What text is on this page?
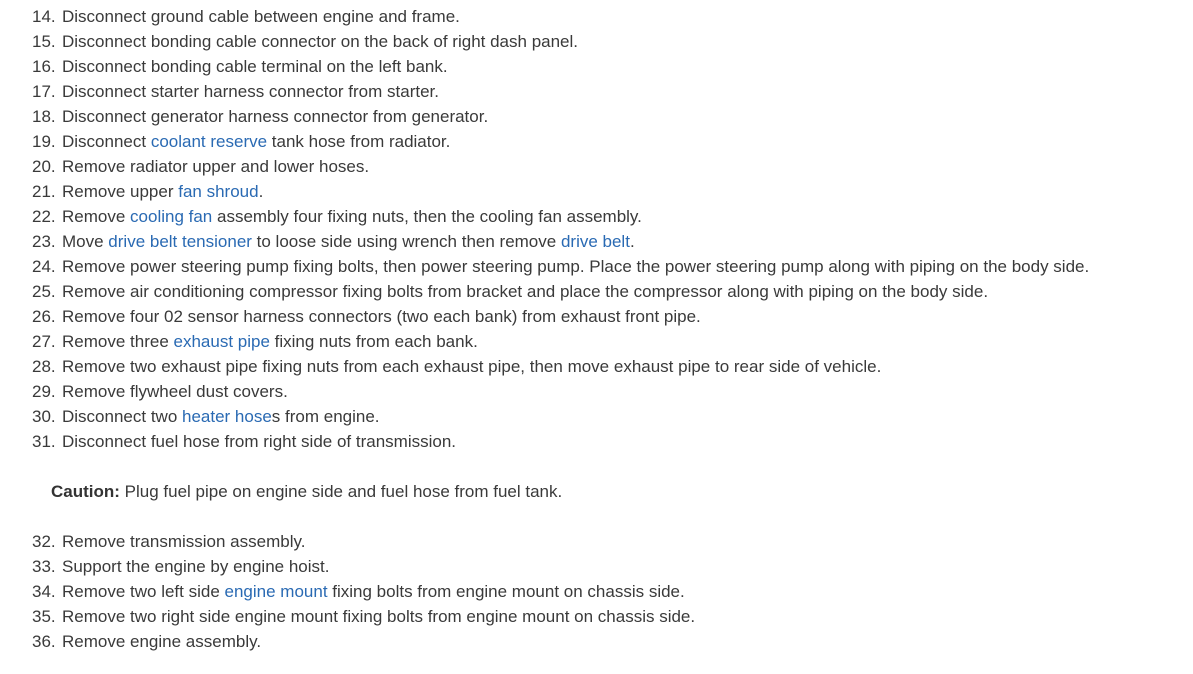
14. Disconnect ground cable between engine and frame.
15. Disconnect bonding cable connector on the back of right dash panel.
16. Disconnect bonding cable terminal on the left bank.
17. Disconnect starter harness connector from starter.
18. Disconnect generator harness connector from generator.
19. Disconnect coolant reserve tank hose from radiator.
20. Remove radiator upper and lower hoses.
21. Remove upper fan shroud.
22. Remove cooling fan assembly four fixing nuts, then the cooling fan assembly.
23. Move drive belt tensioner to loose side using wrench then remove drive belt.
24. Remove power steering pump fixing bolts, then power steering pump. Place the power steering pump along with piping on the body side.
25. Remove air conditioning compressor fixing bolts from bracket and place the compressor along with piping on the body side.
26. Remove four 02 sensor harness connectors (two each bank) from exhaust front pipe.
27. Remove three exhaust pipe fixing nuts from each bank.
28. Remove two exhaust pipe fixing nuts from each exhaust pipe, then move exhaust pipe to rear side of vehicle.
29. Remove flywheel dust covers.
30. Disconnect two heater hoses from engine.
31. Disconnect fuel hose from right side of transmission.
Caution: Plug fuel pipe on engine side and fuel hose from fuel tank.
32. Remove transmission assembly.
33. Support the engine by engine hoist.
34. Remove two left side engine mount fixing bolts from engine mount on chassis side.
35. Remove two right side engine mount fixing bolts from engine mount on chassis side.
36. Remove engine assembly.
